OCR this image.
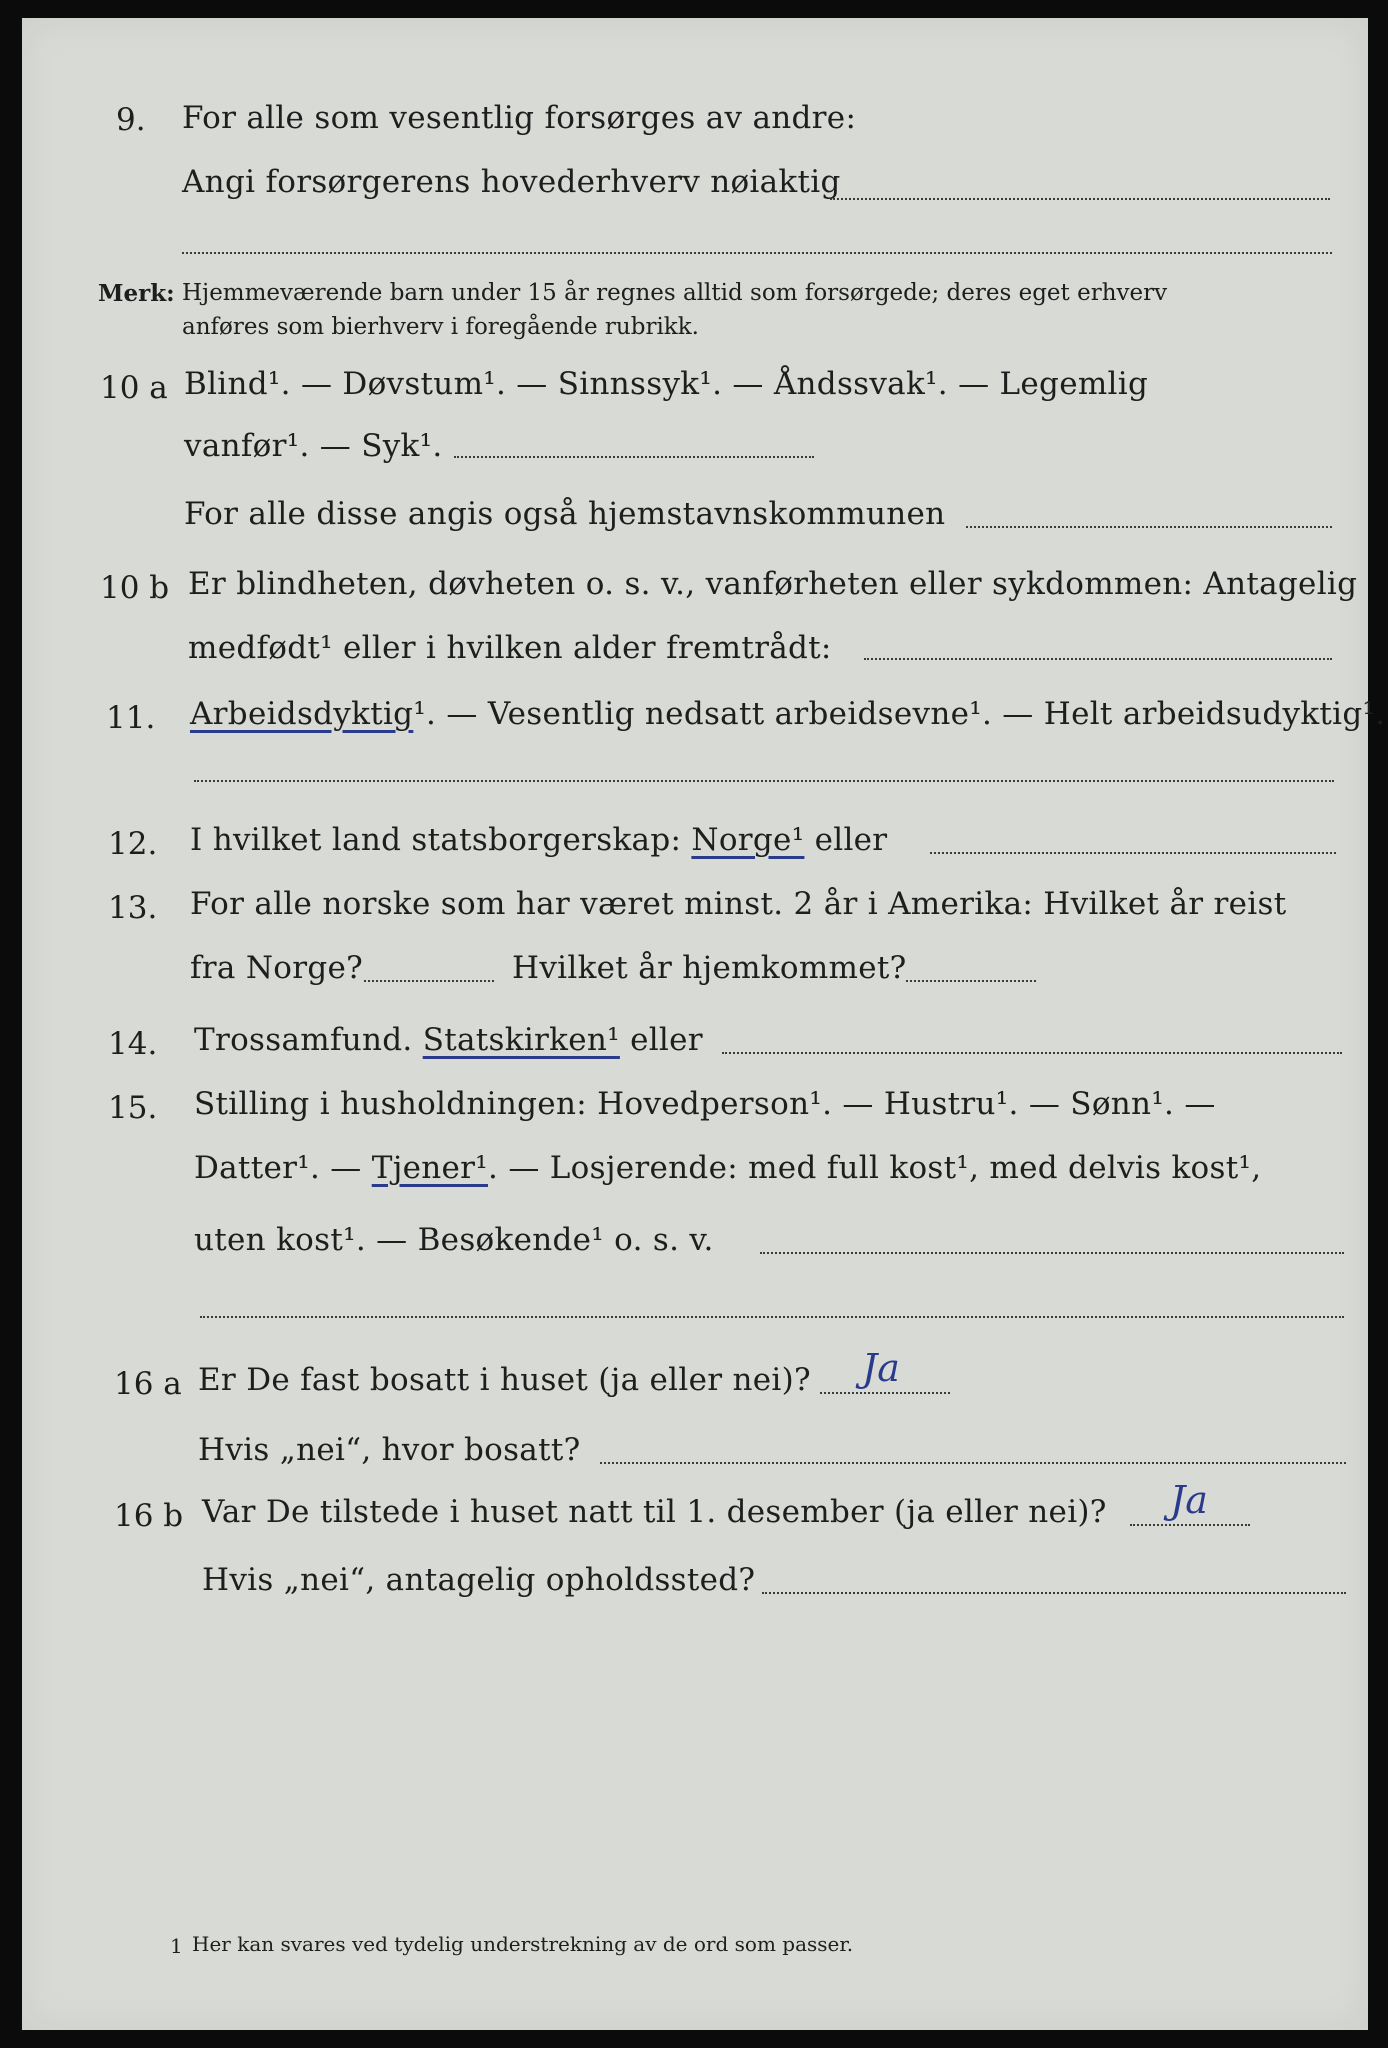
9. For alle som vesentlig forsørges av andre:
Angi forsørgerens hovederhverv nøiaktig
Merk: Hjemmeværende barn under 15 år regnes alltid som forsørgede; deres eget erhverv
anføres som bierhverv i foregående rubrikk.
10 a Blind¹. — Døvstum¹. — Sinnssyk¹. — Åndssvak¹. — Legemlig
vanfør¹. — Syk¹.
For alle disse angis også hjemstavnskommunen
10 b Er blindheten, døvheten o. s. v., vanførheten eller sykdommen: Antagelig
medfødt¹ eller i hvilken alder fremtrådt:
11. Arbeidsdyktig¹. — Vesentlig nedsatt arbeidsevne¹. — Helt arbeidsudyktig¹.
12. I hvilket land statsborgerskap: Norge¹ eller
13. For alle norske som har været minst. 2 år i Amerika: Hvilket år reist
fra Norge?	Hvilket år hjemkommet?
14. Trossamfund. Statskirken¹ eller
15. Stilling i husholdningen: Hovedperson¹. — Hustru¹. — Sønn¹. —
Datter¹. — Tjener¹. — Losjerende: med full kost¹, med delvis kost¹,
uten kost¹. — Besøkende¹ o. s. v.
16 a Er De fast bosatt i huset (ja eller nei)? Ja
Hvis „nei“, hvor bosatt?
16 b Var De tilstede i huset natt til 1. desember (ja eller nei)? Ja
Hvis „nei“, antagelig opholdssted?
1 Her kan svares ved tydelig understrekning av de ord som passer.
